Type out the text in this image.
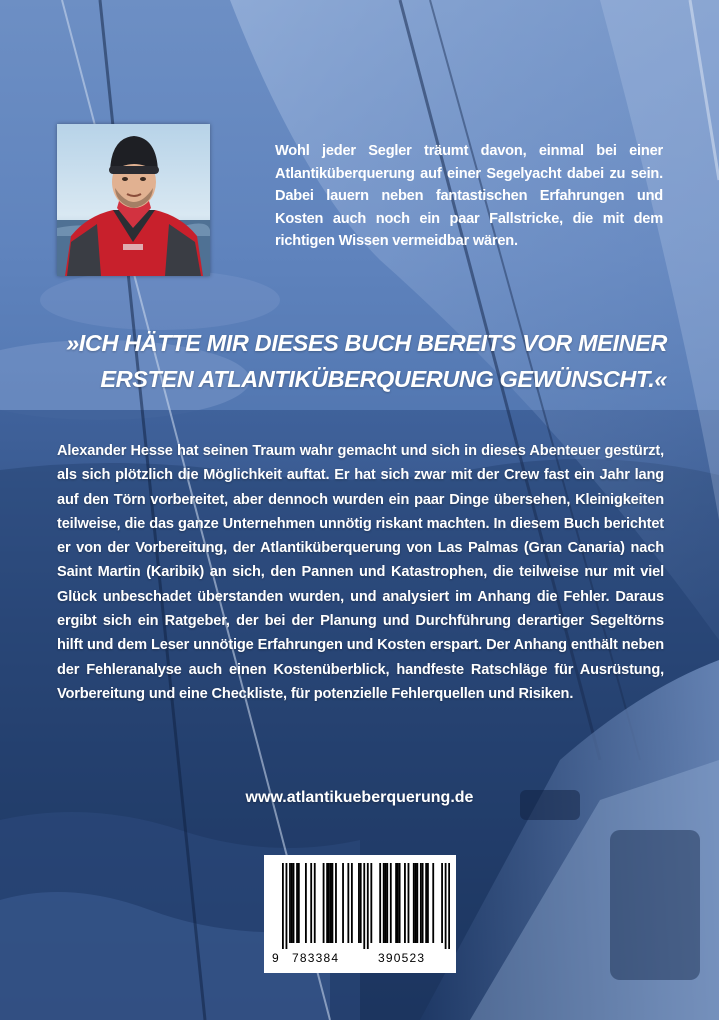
Wohl jeder Segler träumt davon, einmal bei einer Atlantiküberquerung auf einer Segelyacht dabei zu sein. Dabei lauern neben fantastischen Erfahrungen und Kosten auch noch ein paar Fallstricke, die mit dem richtigen Wissen vermeidbar wären.

»ICH HÄTTE MIR DIESES BUCH BEREITS VOR MEINER
ERSTEN ATLANTIKÜBERQUERUNG GEWÜNSCHT.«

Alexander Hesse hat seinen Traum wahr gemacht und sich in dieses Abenteuer gestürzt, als sich plötzlich die Möglichkeit auftat. Er hat sich zwar mit der Crew fast ein Jahr lang auf den Törn vorbereitet, aber dennoch wurden ein paar Dinge übersehen, Kleinigkeiten teilweise, die das ganze Unternehmen unnötig riskant machten. In diesem Buch berichtet er von der Vorbereitung, der Atlantiküberquerung von Las Palmas (Gran Canaria) nach Saint Martin (Karibik) an sich, den Pannen und Katastrophen, die teilweise nur mit viel Glück unbeschadet überstanden wurden, und analysiert im Anhang die Fehler. Daraus ergibt sich ein Ratgeber, der bei der Planung und Durchführung derartiger Segeltörns hilft und dem Leser unnötige Erfahrungen und Kosten erspart. Der Anhang enthält neben der Fehleranalyse auch einen Kostenüberblick, handfeste Ratschläge für Ausrüstung, Vorbereitung und eine Checkliste, für potenzielle Fehlerquellen und Risiken.

www.atlantikueberquerung.de

9 783384	390523
